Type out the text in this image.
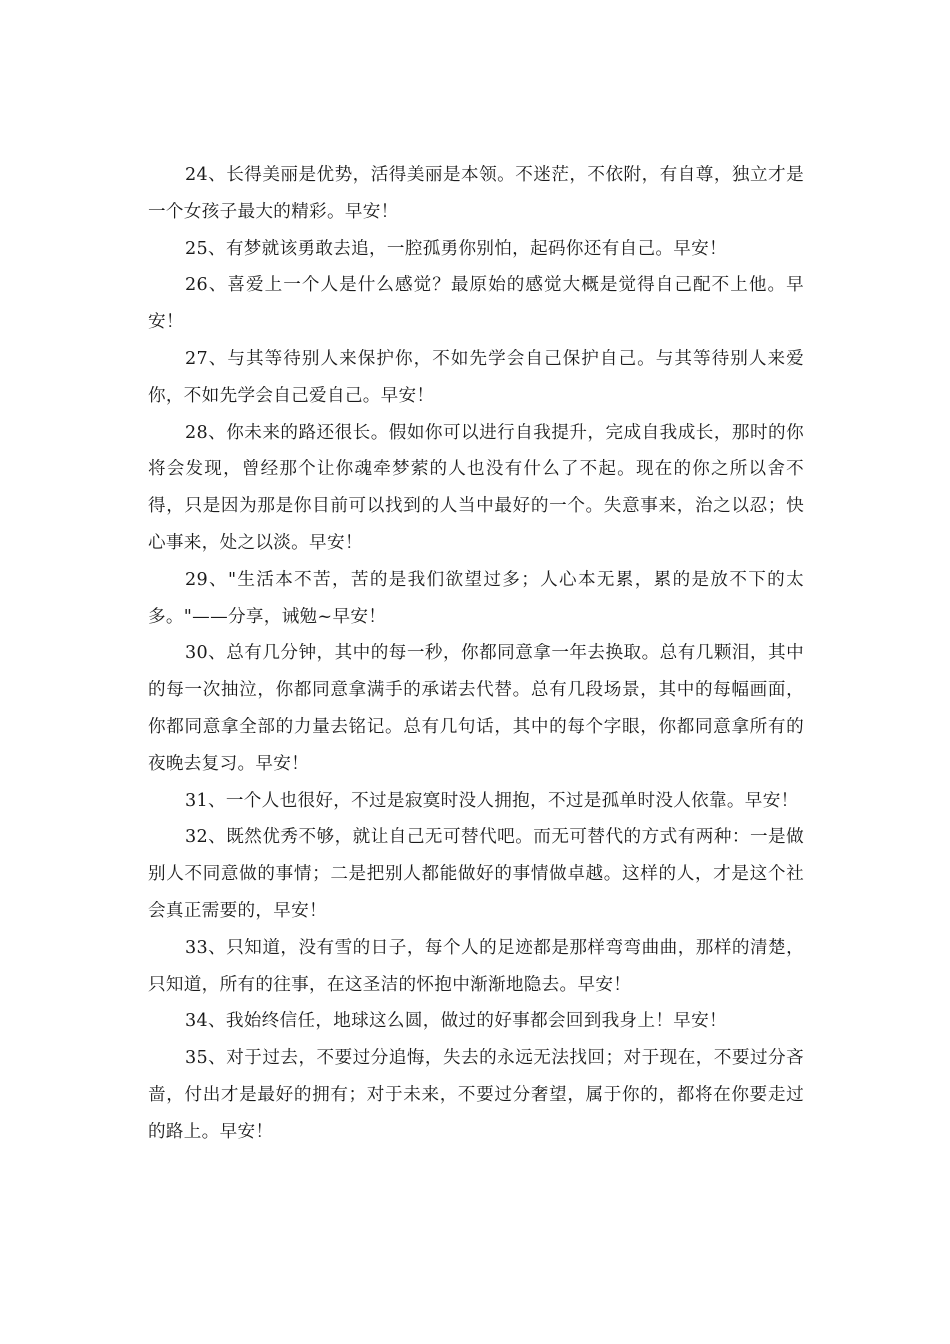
24、长得美丽是优势，活得美丽是本领。不迷茫，不依附，有自尊，独立才是一个女孩子最大的精彩。早安！

25、有梦就该勇敢去追，一腔孤勇你别怕，起码你还有自己。早安！

26、喜爱上一个人是什么感觉？最原始的感觉大概是觉得自己配不上他。早安！

27、与其等待别人来保护你，不如先学会自己保护自己。与其等待别人来爱你，不如先学会自己爱自己。早安！

28、你未来的路还很长。假如你可以进行自我提升，完成自我成长，那时的你将会发现，曾经那个让你魂牵梦萦的人也没有什么了不起。现在的你之所以舍不得，只是因为那是你目前可以找到的人当中最好的一个。失意事来，治之以忍；快心事来，处之以淡。早安！

29、"生活本不苦，苦的是我们欲望过多；人心本无累，累的是放不下的太多。"——分享，诫勉~早安！

30、总有几分钟，其中的每一秒，你都同意拿一年去换取。总有几颗泪，其中的每一次抽泣，你都同意拿满手的承诺去代替。总有几段场景，其中的每幅画面，你都同意拿全部的力量去铭记。总有几句话，其中的每个字眼，你都同意拿所有的夜晚去复习。早安！

31、一个人也很好，不过是寂寞时没人拥抱，不过是孤单时没人依靠。早安！

32、既然优秀不够，就让自己无可替代吧。而无可替代的方式有两种：一是做别人不同意做的事情；二是把别人都能做好的事情做卓越。这样的人，才是这个社会真正需要的，早安！

33、只知道，没有雪的日子，每个人的足迹都是那样弯弯曲曲，那样的清楚，只知道，所有的往事，在这圣洁的怀抱中渐渐地隐去。早安！

34、我始终信任，地球这么圆，做过的好事都会回到我身上！早安！

35、对于过去，不要过分追悔，失去的永远无法找回；对于现在，不要过分吝啬，付出才是最好的拥有；对于未来，不要过分奢望，属于你的，都将在你要走过的路上。早安！
